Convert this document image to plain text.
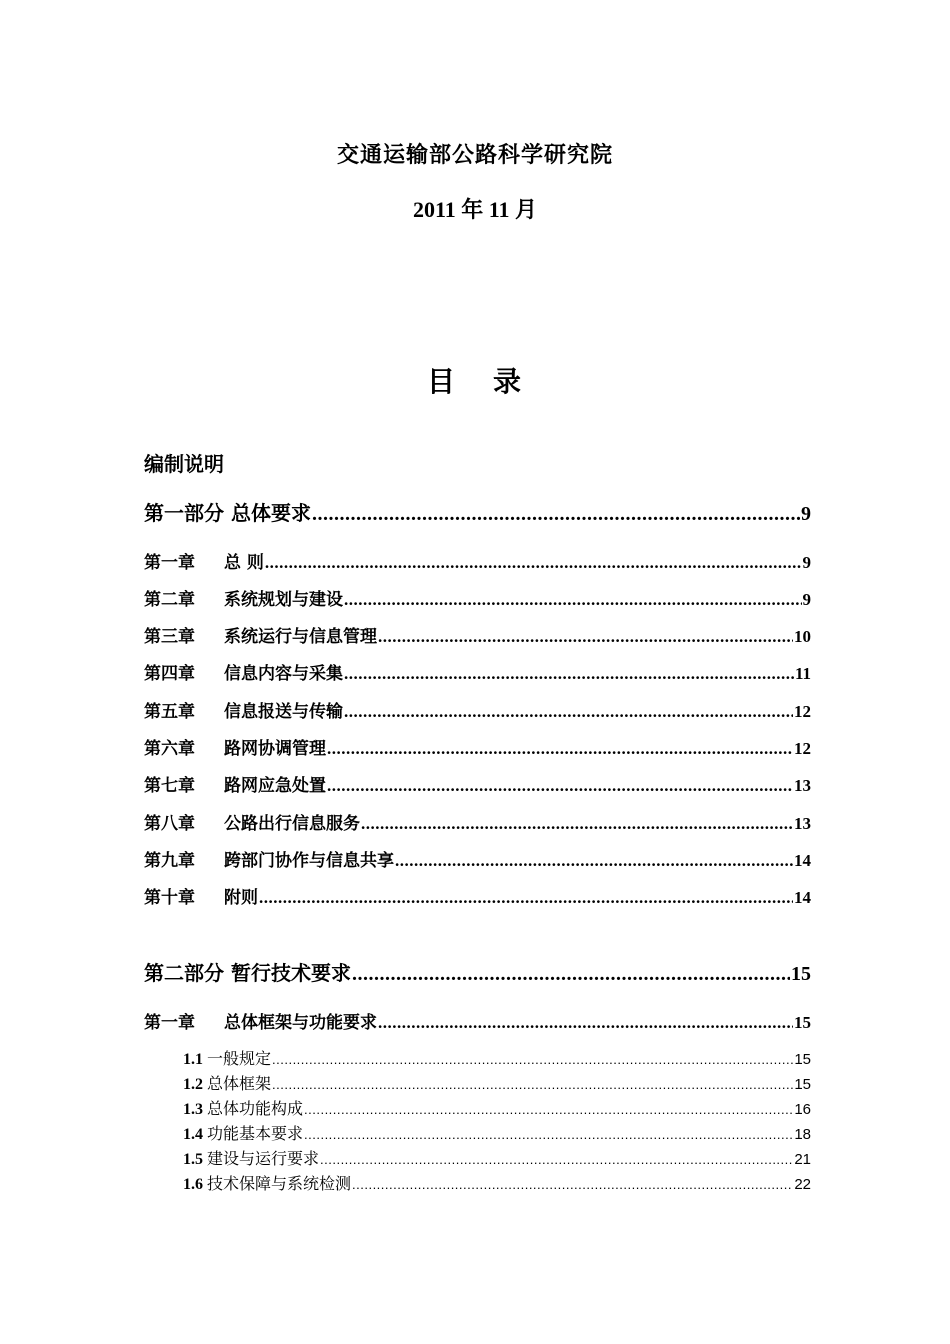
交通运输部公路科学研究院
2011 年 11 月
目 录
编制说明
第一部分 总体要求 .....	9
第一章 总 则 .....	9
第二章 系统规划与建设 .....	9
第三章 系统运行与信息管理 .....	10
第四章 信息内容与采集 .....	11
第五章 信息报送与传输 .....	12
第六章 路网协调管理 .....	12
第七章 路网应急处置 .....	13
第八章 公路出行信息服务 .....	13
第九章 跨部门协作与信息共享 .....	14
第十章 附则 .....	14
第二部分 暂行技术要求 .....	15
第一章 总体框架与功能要求 .....	15
1.1 一般规定 .....	15
1.2 总体框架 .....	15
1.3 总体功能构成 .....	16
1.4 功能基本要求 .....	18
1.5 建设与运行要求 .....	21
1.6 技术保障与系统检测 .....	22
